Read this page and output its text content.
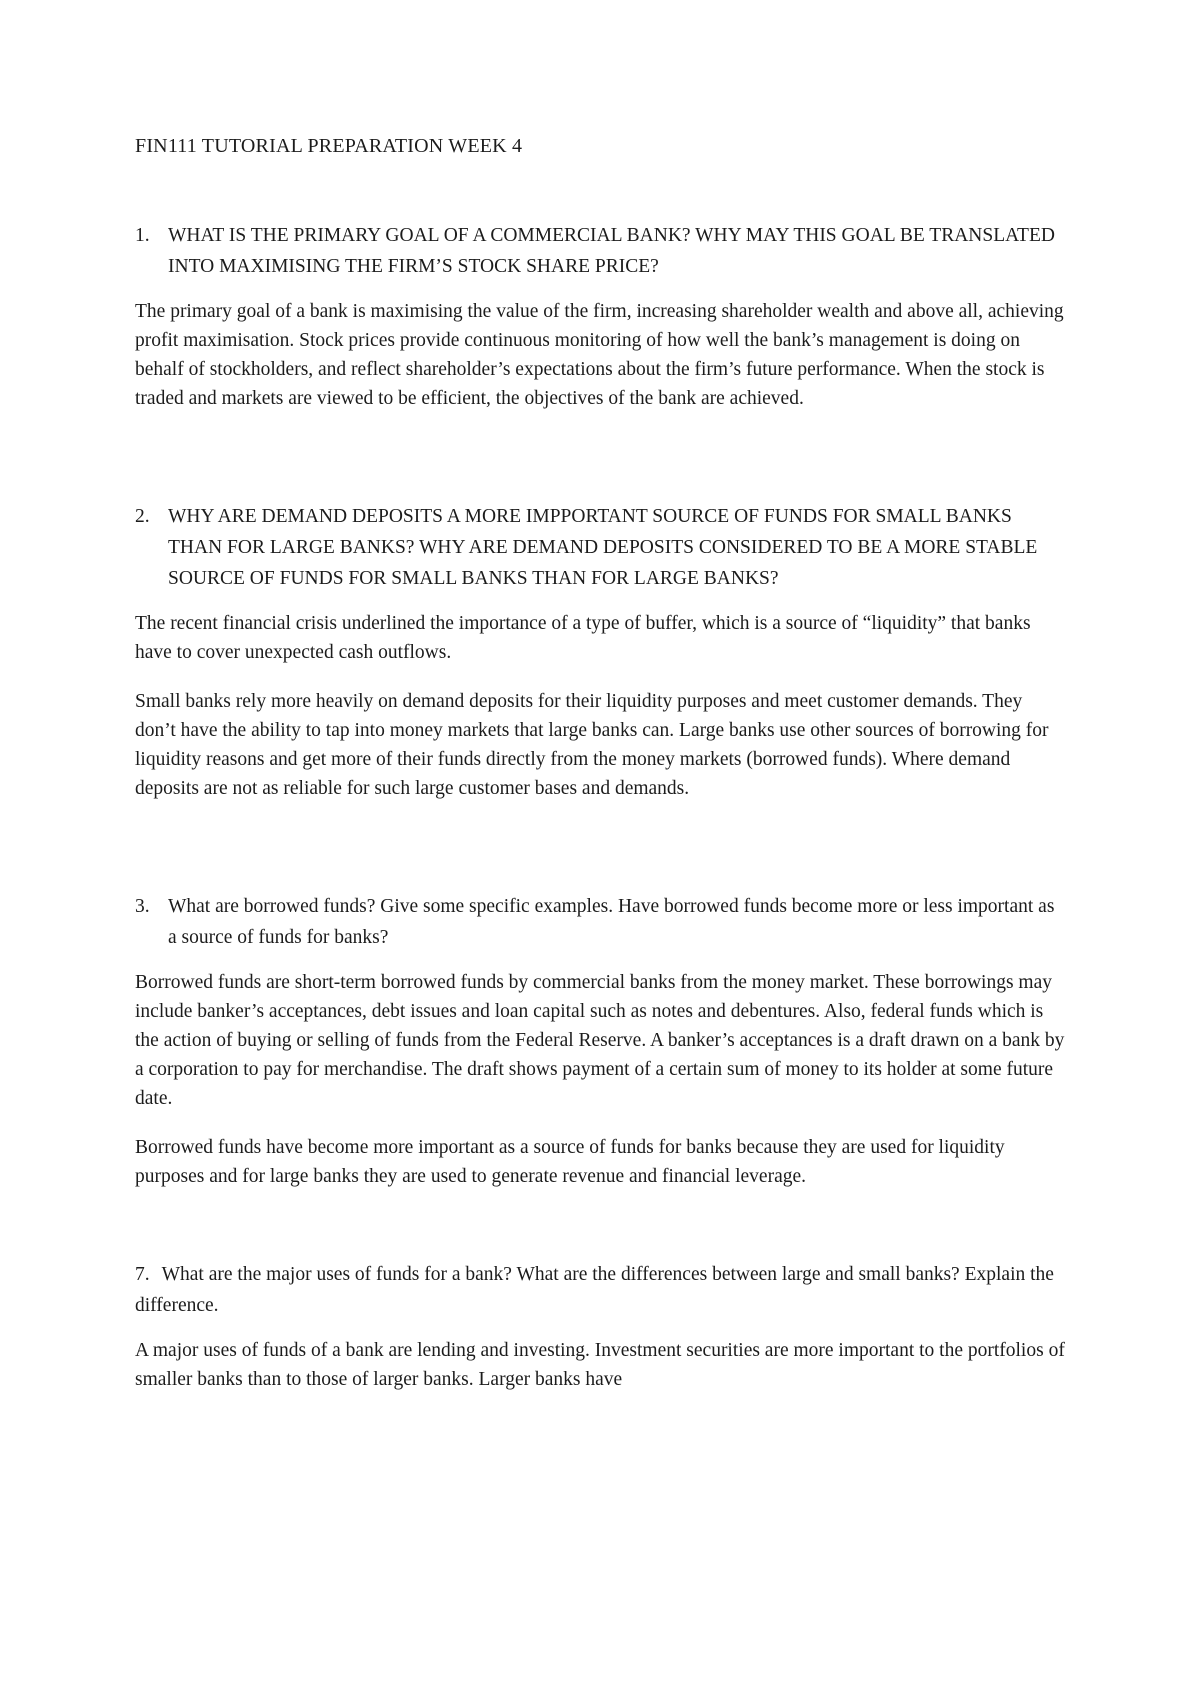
FIN111 TUTORIAL PREPARATION WEEK 4
1. WHAT IS THE PRIMARY GOAL OF A COMMERCIAL BANK? WHY MAY THIS GOAL BE TRANSLATED INTO MAXIMISING THE FIRM’S STOCK SHARE PRICE?

The primary goal of a bank is maximising the value of the firm, increasing shareholder wealth and above all, achieving profit maximisation. Stock prices provide continuous monitoring of how well the bank’s management is doing on behalf of stockholders, and reflect shareholder’s expectations about the firm’s future performance. When the stock is traded and markets are viewed to be efficient, the objectives of the bank are achieved.

2. WHY ARE DEMAND DEPOSITS A MORE IMPPORTANT SOURCE OF FUNDS FOR SMALL BANKS THAN FOR LARGE BANKS? WHY ARE DEMAND DEPOSITS CONSIDERED TO BE A MORE STABLE SOURCE OF FUNDS FOR SMALL BANKS THAN FOR LARGE BANKS?

The recent financial crisis underlined the importance of a type of buffer, which is a source of “liquidity” that banks have to cover unexpected cash outflows.

Small banks rely more heavily on demand deposits for their liquidity purposes and meet customer demands. They don’t have the ability to tap into money markets that large banks can. Large banks use other sources of borrowing for liquidity reasons and get more of their funds directly from the money markets (borrowed funds). Where demand deposits are not as reliable for such large customer bases and demands.

3. What are borrowed funds? Give some specific examples. Have borrowed funds become more or less important as a source of funds for banks?

Borrowed funds are short-term borrowed funds by commercial banks from the money market. These borrowings may include banker’s acceptances, debt issues and loan capital such as notes and debentures. Also, federal funds which is the action of buying or selling of funds from the Federal Reserve. A banker’s acceptances is a draft drawn on a bank by a corporation to pay for merchandise. The draft shows payment of a certain sum of money to its holder at some future date.

Borrowed funds have become more important as a source of funds for banks because they are used for liquidity purposes and for large banks they are used to generate revenue and financial leverage.

7. What are the major uses of funds for a bank? What are the differences between large and small banks? Explain the difference.

A major uses of funds of a bank are lending and investing. Investment securities are more important to the portfolios of smaller banks than to those of larger banks. Larger banks have
